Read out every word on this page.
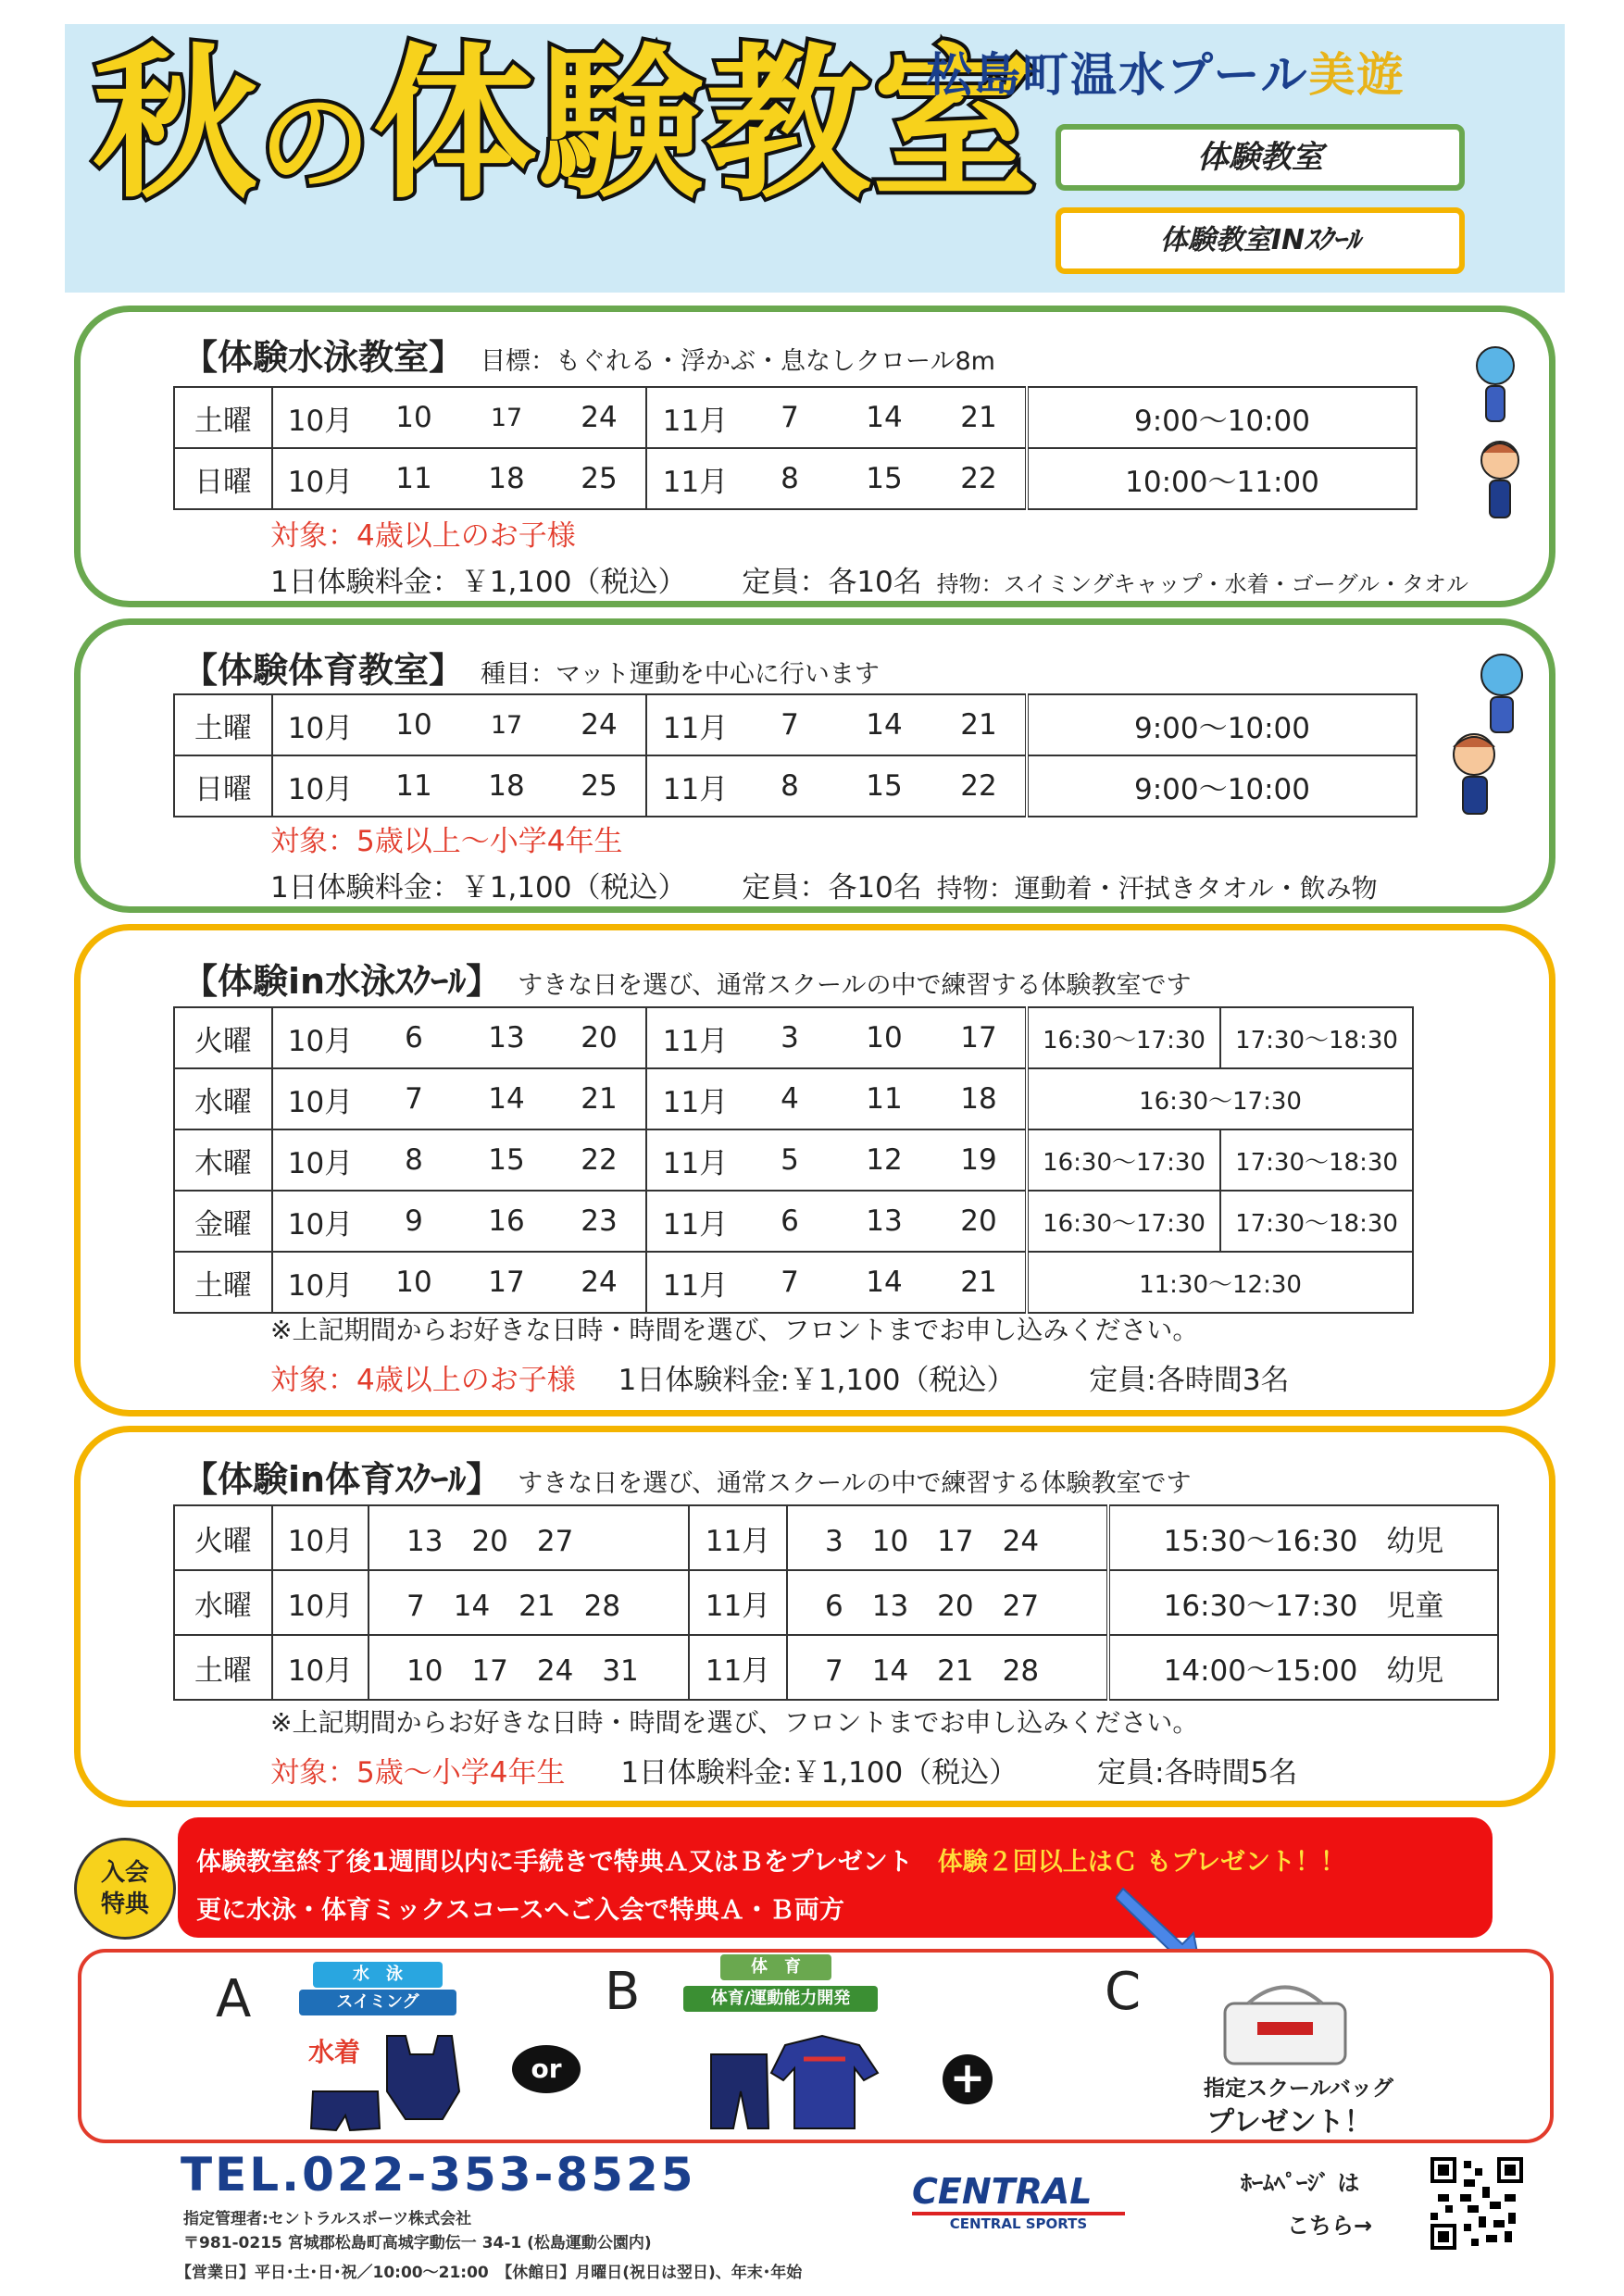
秋の体験教室
松島町温水プール美遊
体験教室
体験教室INｽｸｰﾙ
【体験水泳教室】 目標：もぐれる・浮かぶ・息なしクロール8m
土曜	10月	10	17	24	11月	7	14	21	9:00～10:00
日曜	10月	11	18	25	11月	8	15	22	10:00～11:00
対象：4歳以上のお子様
1日体験料金：￥1,100（税込） 定員：各10名 持物：スイミングキャップ・水着・ゴーグル・タオル
【体験体育教室】 種目：マット運動を中心に行います
土曜	10月	10	17	24	11月	7	14	21	9:00～10:00
日曜	10月	11	18	25	11月	8	15	22	9:00～10:00
対象：5歳以上～小学4年生
1日体験料金：￥1,100（税込） 定員：各10名 持物：運動着・汗拭きタオル・飲み物
【体験in水泳ｽｸｰﾙ】 すきな日を選び、通常スクールの中で練習する体験教室です
火曜	10月	6	13	20	11月	3	10	17	16:30～17:30	17:30～18:30
水曜	10月	7	14	21	11月	4	11	18	16:30～17:30	
木曜	10月	8	15	22	11月	5	12	19	16:30～17:30	17:30～18:30
金曜	10月	9	16	23	11月	6	13	20	16:30～17:30	17:30～18:30
土曜	10月	10	17	24	11月	7	14	21	11:30～12:30	
※上記期間からお好きな日時・時間を選び、フロントまでお申し込みください。
対象：4歳以上のお子様 1日体験料金:￥1,100（税込）	定員:各時間3名
【体験in体育ｽｸｰﾙ】 すきな日を選び、通常スクールの中で練習する体験教室です
火曜	10月	13　20　27	11月	3　10　17　24	15:30～16:30　幼児
水曜	10月	7　14　21　28	11月	6　13　20　27	16:30～17:30　児童
土曜	10月	10　17　24　31	11月	7　14　21　28	14:00～15:00　幼児
※上記期間からお好きな日時・時間を選び、フロントまでお申し込みください。
対象：5歳～小学4年生 1日体験料金:￥1,100（税込）	定員:各時間5名
体験教室終了後1週間以内に手続きで特典Ａ又はＢをプレゼント　 体験２回以上はＣ もプレゼント！！
更に水泳・体育ミックスコースへご入会で特典Ａ・Ｂ両方
入会
特典
A	水　泳
スイミング
水着
or
B	体　育
体育/運動能力開発
+
C
指定スクールバッグ
プレゼント！
TEL.022-353-8525
指定管理者:セントラルスポーツ株式会社
〒981-0215 宮城郡松島町高城字動伝一 34-1 (松島運動公園内)
【営業日】平日･土･日･祝／10:00～21:00　【休館日】月曜日(祝日は翌日)、年末･年始
CENTRAL
CENTRAL SPORTS
ﾎｰﾑﾍﾟｰｼﾞ は
こちら→
